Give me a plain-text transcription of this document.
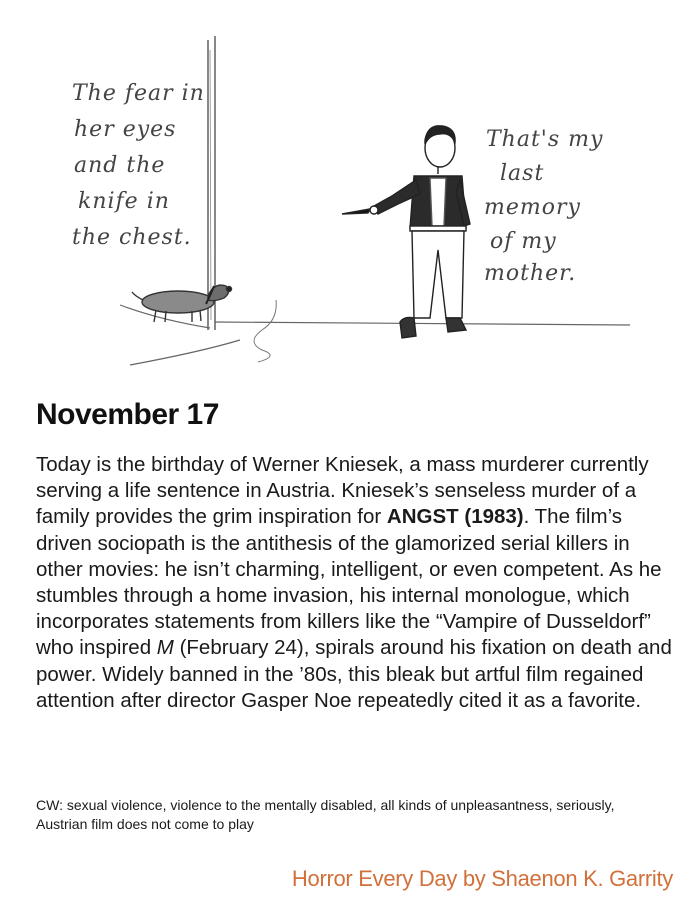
The fear in
her eyes
and the
knife in
the chest.
That's my
last
memory
of my
mother.
November 17

Today is the birthday of Werner Kniesek, a mass murderer currently serving a life sentence in Austria. Kniesek’s senseless murder of a family provides the grim inspiration for ANGST (1983). The film’s driven sociopath is the antithesis of the glamorized serial killers in other movies: he isn’t charming, intelligent, or even competent. As he stumbles through a home invasion, his internal monologue, which incorporates statements from killers like the “Vampire of Dusseldorf” who inspired M (February 24), spirals around his fixation on death and power. Widely banned in the ’80s, this bleak but artful film regained attention after director Gasper Noe repeatedly cited it as a favorite.

CW: sexual violence, violence to the mentally disabled, all kinds of unpleasantness, seriously, Austrian film does not come to play

Horror Every Day by Shaenon K. Garrity
